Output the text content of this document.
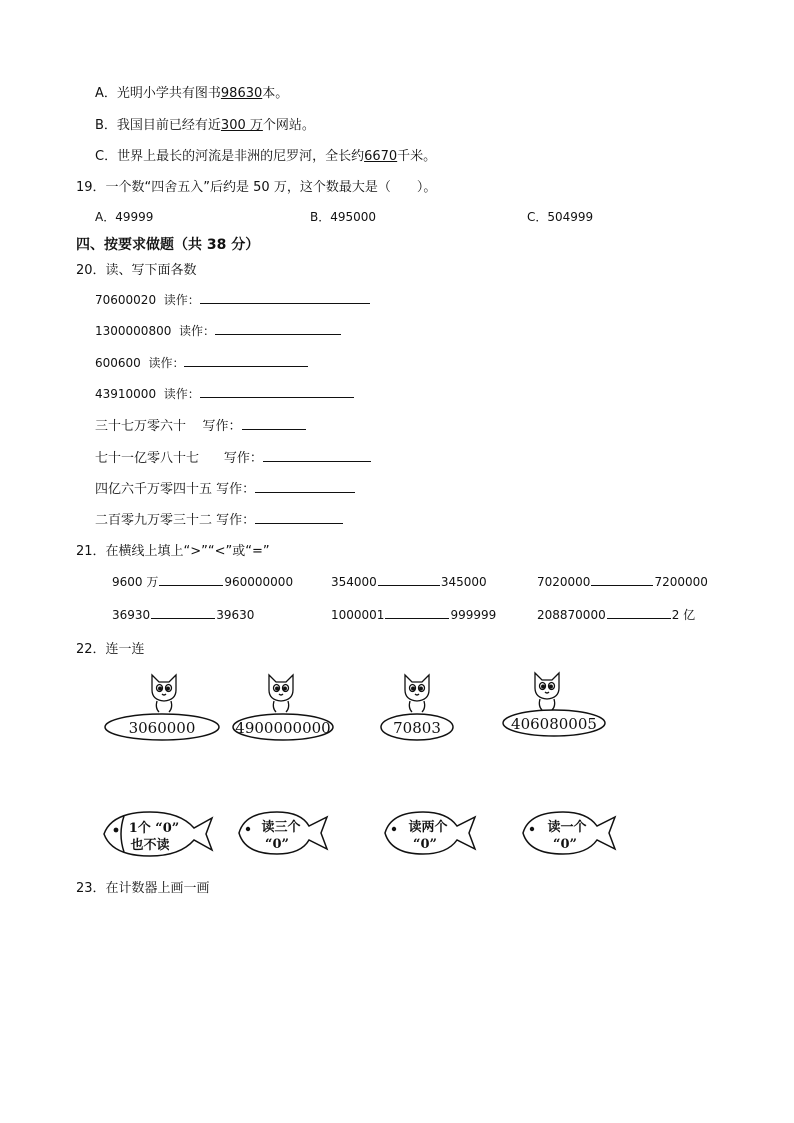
A．光明小学共有图书98630本。
B．我国目前已经有近300 万个网站。
C．世界上最长的河流是非洲的尼罗河，全长约6670千米。
19．一个数“四舍五入”后约是 50 万，这个数最大是（　　）。
A．49999	B．495000	C．504999
四、按要求做题（共 38 分）
20．读、写下面各数
70600020 读作：
1300000800 读作：
600600 读作：
43910000 读作：
三十七万零六十 写作：
七十一亿零八十七 写作：
四亿六千万零四十五 写作：
二百零九万零三十二 写作：
21．在横线上填上“>”“<”或“=”
9600 万	960000000	354000	345000	7020000	7200000
36930	39630	1000001	999999	208870000	2 亿
22．连一连
3060000	4900000000	70803	406080005
1个 “0”
也不读
读三个
“0”
读两个
“0”
读一个
“0”
23．在计数器上画一画
